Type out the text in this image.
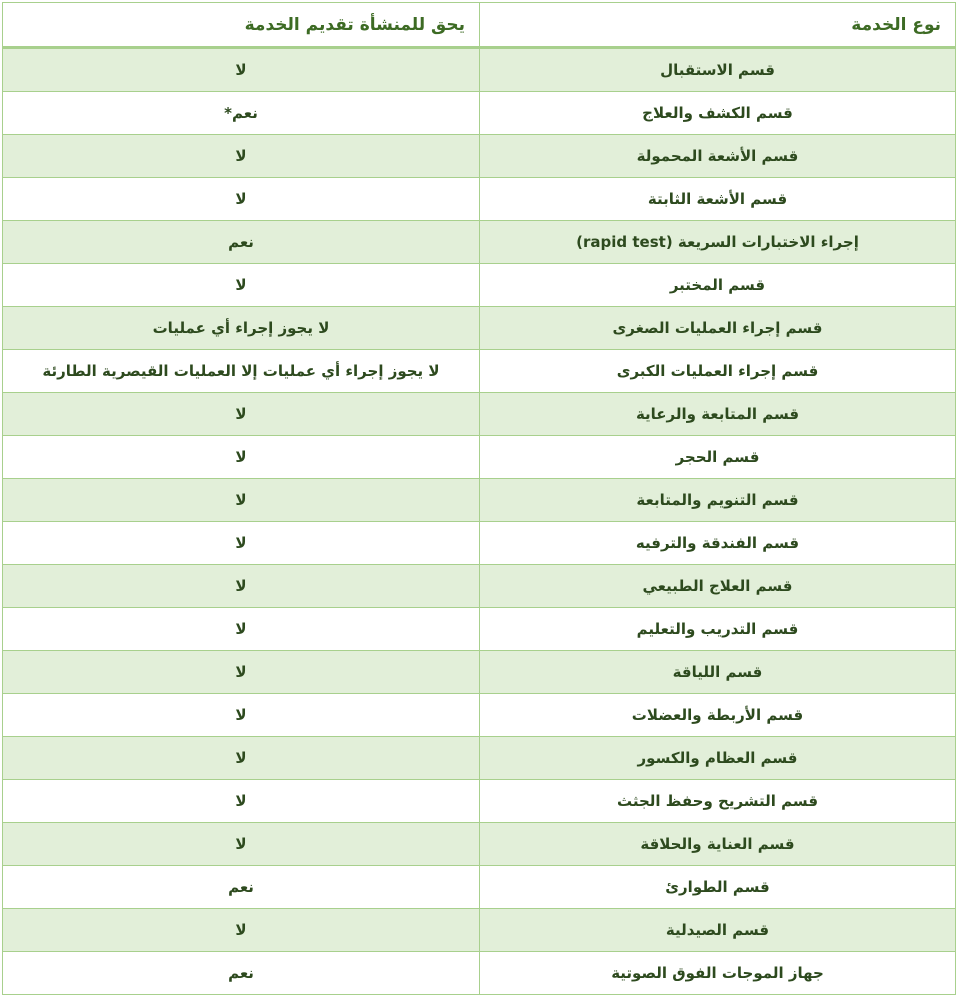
نوع الخدمة	يحق للمنشأة تقديم الخدمة
قسم الاستقبال	لا
قسم الكشف والعلاج	نعم*
قسم الأشعة المحمولة	لا
قسم الأشعة الثابتة	لا
إجراء الاختبارات السريعة (rapid test)	نعم
قسم المختبر	لا
قسم إجراء العمليات الصغرى	لا يجوز إجراء أي عمليات
قسم إجراء العمليات الكبرى	لا يجوز إجراء أي عمليات إلا العمليات القيصرية الطارئة
قسم المتابعة والرعاية	لا
قسم الحجر	لا
قسم التنويم والمتابعة	لا
قسم الفندقة والترفيه	لا
قسم العلاج الطبيعي	لا
قسم التدريب والتعليم	لا
قسم اللياقة	لا
قسم الأربطة والعضلات	لا
قسم العظام والكسور	لا
قسم التشريح وحفظ الجثث	لا
قسم العناية والحلاقة	لا
قسم الطوارئ	نعم
قسم الصيدلية	لا
جهاز الموجات الفوق الصوتية	نعم
